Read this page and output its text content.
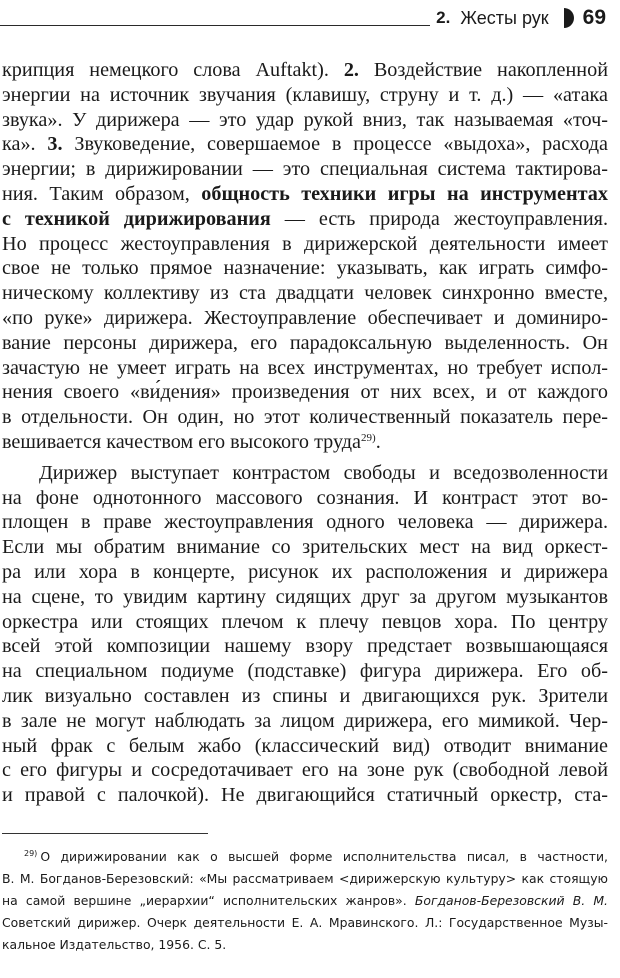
2. Жесты рук 69
крипция немецкого слова Auftakt). 2. Воздействие накопленной
энергии на источник звучания (клавишу, струну и т. д.) — «атака
звука». У дирижера — это удар рукой вниз, так называемая «точ-
ка». 3. Звуковедение, совершаемое в процессе «выдоха», расхода
энергии; в дирижировании — это специальная система тактирова-
ния. Таким образом, общность техники игры на инструментах
с техникой дирижирования — есть природа жестоуправления.
Но процесс жестоуправления в дирижерской деятельности имеет
свое не только прямое назначение: указывать, как играть симфо-
ническому коллективу из ста двадцати человек синхронно вместе,
«по руке» дирижера. Жестоуправление обеспечивает и доминиро-
вание персоны дирижера, его парадоксальную выделенность. Он
зачастую не умеет играть на всех инструментах, но требует испол-
нения своего «ви́дения» произведения от них всех, и от каждого
в отдельности. Он один, но этот количественный показатель пере-
вешивается качеством его высокого труда$^{29)}$.
Дирижер выступает контрастом свободы и вседозволенности
на фоне однотонного массового сознания. И контраст этот во-
площен в праве жестоуправления одного человека — дирижера.
Если мы обратим внимание со зрительских мест на вид оркест-
ра или хора в концерте, рисунок их расположения и дирижера
на сцене, то увидим картину сидящих друг за другом музыкантов
оркестра или стоящих плечом к плечу певцов хора. По центру
всей этой композиции нашему взору предстает возвышающаяся
на специальном подиуме (подставке) фигура дирижера. Его об-
лик визуально составлен из спины и двигающихся рук. Зрители
в зале не могут наблюдать за лицом дирижера, его мимикой. Чер-
ный фрак с белым жабо (классический вид) отводит внимание
с его фигуры и сосредотачивает его на зоне рук (свободной левой
и правой с палочкой). Не двигающийся статичный оркестр, ста-
$^{29)}$ О дирижировании как о высшей форме исполнительства писал, в частности,
В. М. Богданов-Березовский: «Мы рассматриваем <дирижерскую культуру> как стоящую
на самой вершине „иерархии“ исполнительских жанров». Богданов-Березовский В. М.
Советский дирижер. Очерк деятельности Е. А. Мравинского. Л.: Государственное Музы-
кальное Издательство, 1956. С. 5.
